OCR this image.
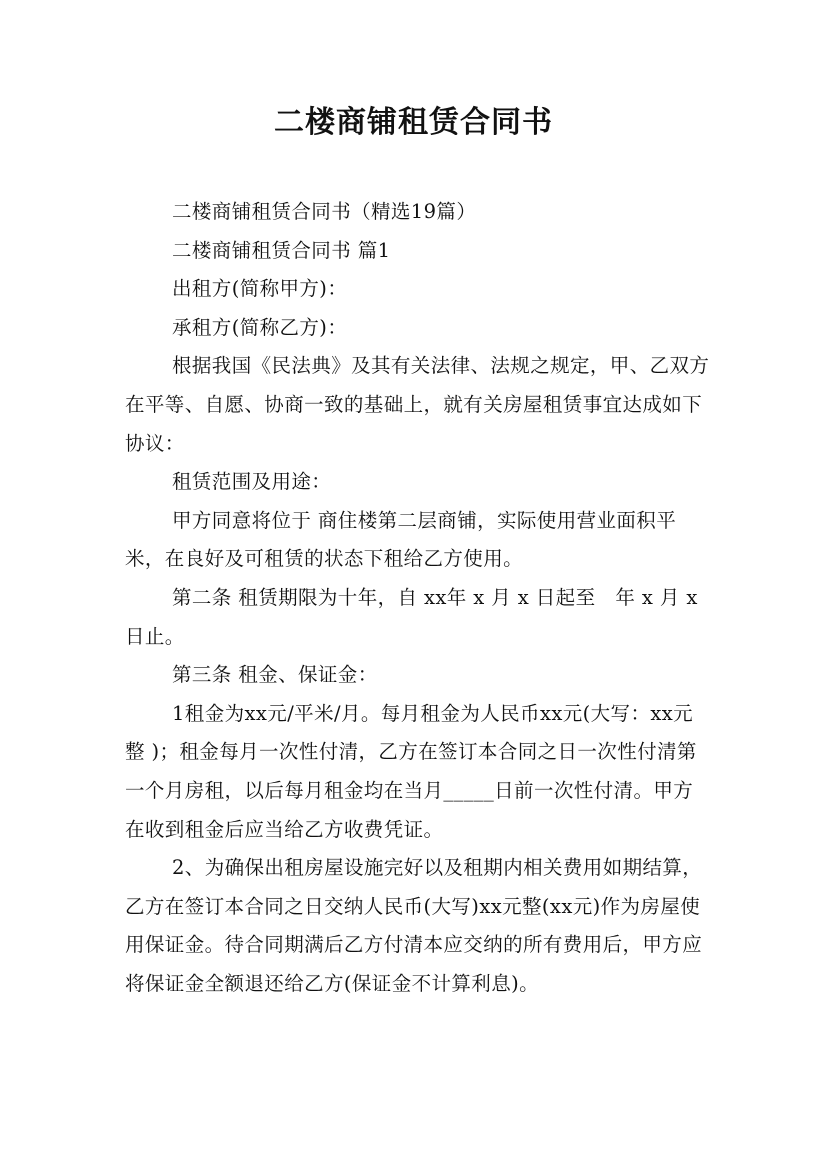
二楼商铺租赁合同书

二楼商铺租赁合同书（精选19篇）

二楼商铺租赁合同书 篇1

出租方(简称甲方)：

承租方(简称乙方)：

根据我国《民法典》及其有关法律、法规之规定，甲、乙双方在平等、自愿、协商一致的基础上，就有关房屋租赁事宜达成如下协议：

租赁范围及用途：

甲方同意将位于 商住楼第二层商铺，实际使用营业面积平米，在良好及可租赁的状态下租给乙方使用。

第二条 租赁期限为十年，自 xx年 x 月 x 日起至　年 x 月 x 日止。

第三条 租金、保证金：

1租金为xx元/平米/月。每月租金为人民币xx元(大写：xx元整 )；租金每月一次性付清，乙方在签订本合同之日一次性付清第一个月房租，以后每月租金均在当月_____日前一次性付清。甲方在收到租金后应当给乙方收费凭证。

2、为确保出租房屋设施完好以及租期内相关费用如期结算，乙方在签订本合同之日交纳人民币(大写)xx元整(xx元)作为房屋使用保证金。待合同期满后乙方付清本应交纳的所有费用后，甲方应将保证金全额退还给乙方(保证金不计算利息)。
